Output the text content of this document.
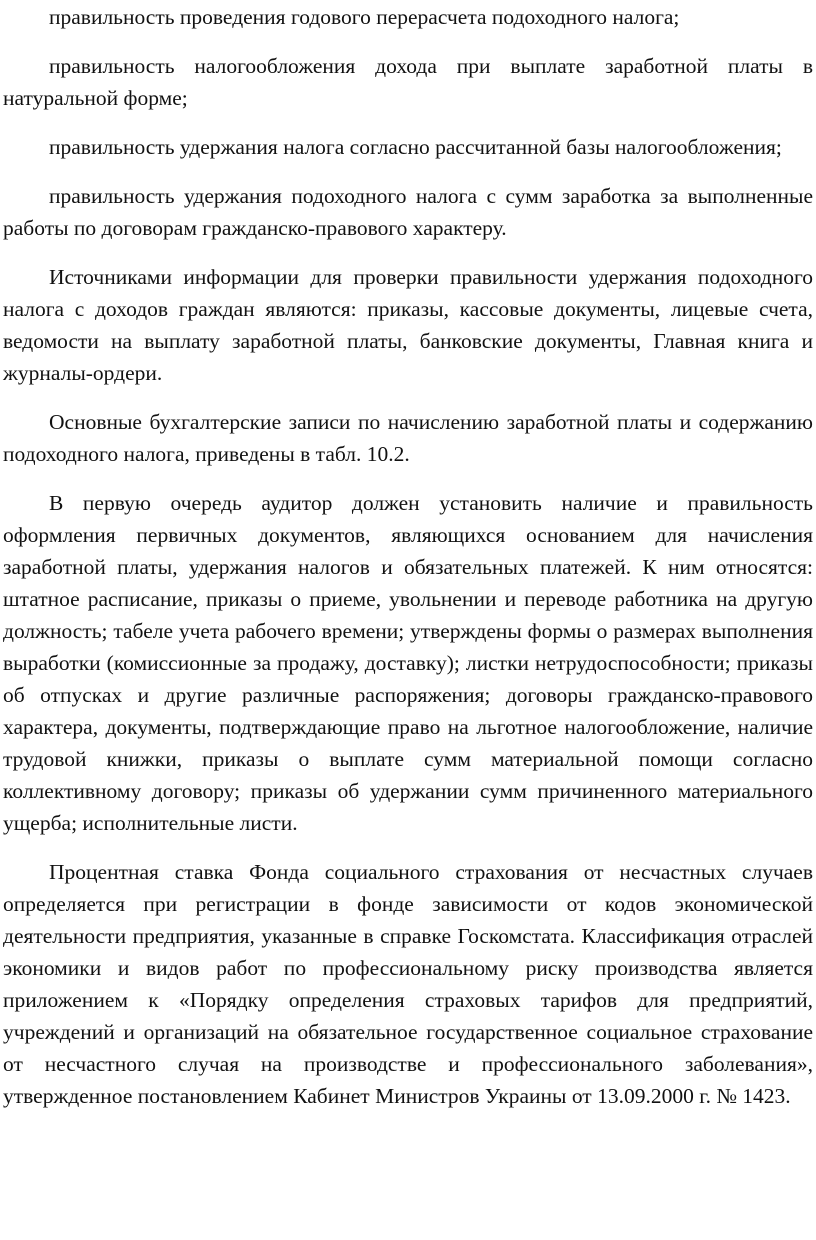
правильность проведения годового перерасчета подоходного налога;

правильность налогообложения дохода при выплате заработной платы в натуральной форме;

правильность удержания налога согласно рассчитанной базы налогообложения;

правильность удержания подоходного налога с сумм заработка за выполненные работы по договорам гражданско-правового характеру.

Источниками информации для проверки правильности удержания подоходного налога с доходов граждан являются: приказы, кассовые документы, лицевые счета, ведомости на выплату заработной платы, банковские документы, Главная книга и журналы-ордери.

Основные бухгалтерские записи по начислению заработной платы и содержанию подоходного налога, приведены в табл. 10.2.

В первую очередь аудитор должен установить наличие и правильность оформления первичных документов, являющихся основанием для начисления заработной платы, удержания налогов и обязательных платежей. К ним относятся: штатное расписание, приказы о приеме, увольнении и переводе работника на другую должность; табеле учета рабочего времени; утверждены формы о размерах выполнения выработки (комиссионные за продажу, доставку); листки нетрудоспособности; приказы об отпусках и другие различные распоряжения; договоры гражданско-правового характера, документы, подтверждающие право на льготное налогообложение, наличие трудовой книжки, приказы о выплате сумм материальной помощи согласно коллективному договору; приказы об удержании сумм причиненного материального ущерба; исполнительные листи.

Процентная ставка Фонда социального страхования от несчастных случаев определяется при регистрации в фонде зависимости от кодов экономической деятельности предприятия, указанные в справке Госкомстата. Классификация отраслей экономики и видов работ по профессиональному риску производства является приложением к «Порядку определения страховых тарифов для предприятий, учреждений и организаций на обязательное государственное социальное страхование от несчастного случая на производстве и профессионального заболевания», утвержденное постановлением Кабинет Министров Украины от 13.09.2000 г. № 1423.
